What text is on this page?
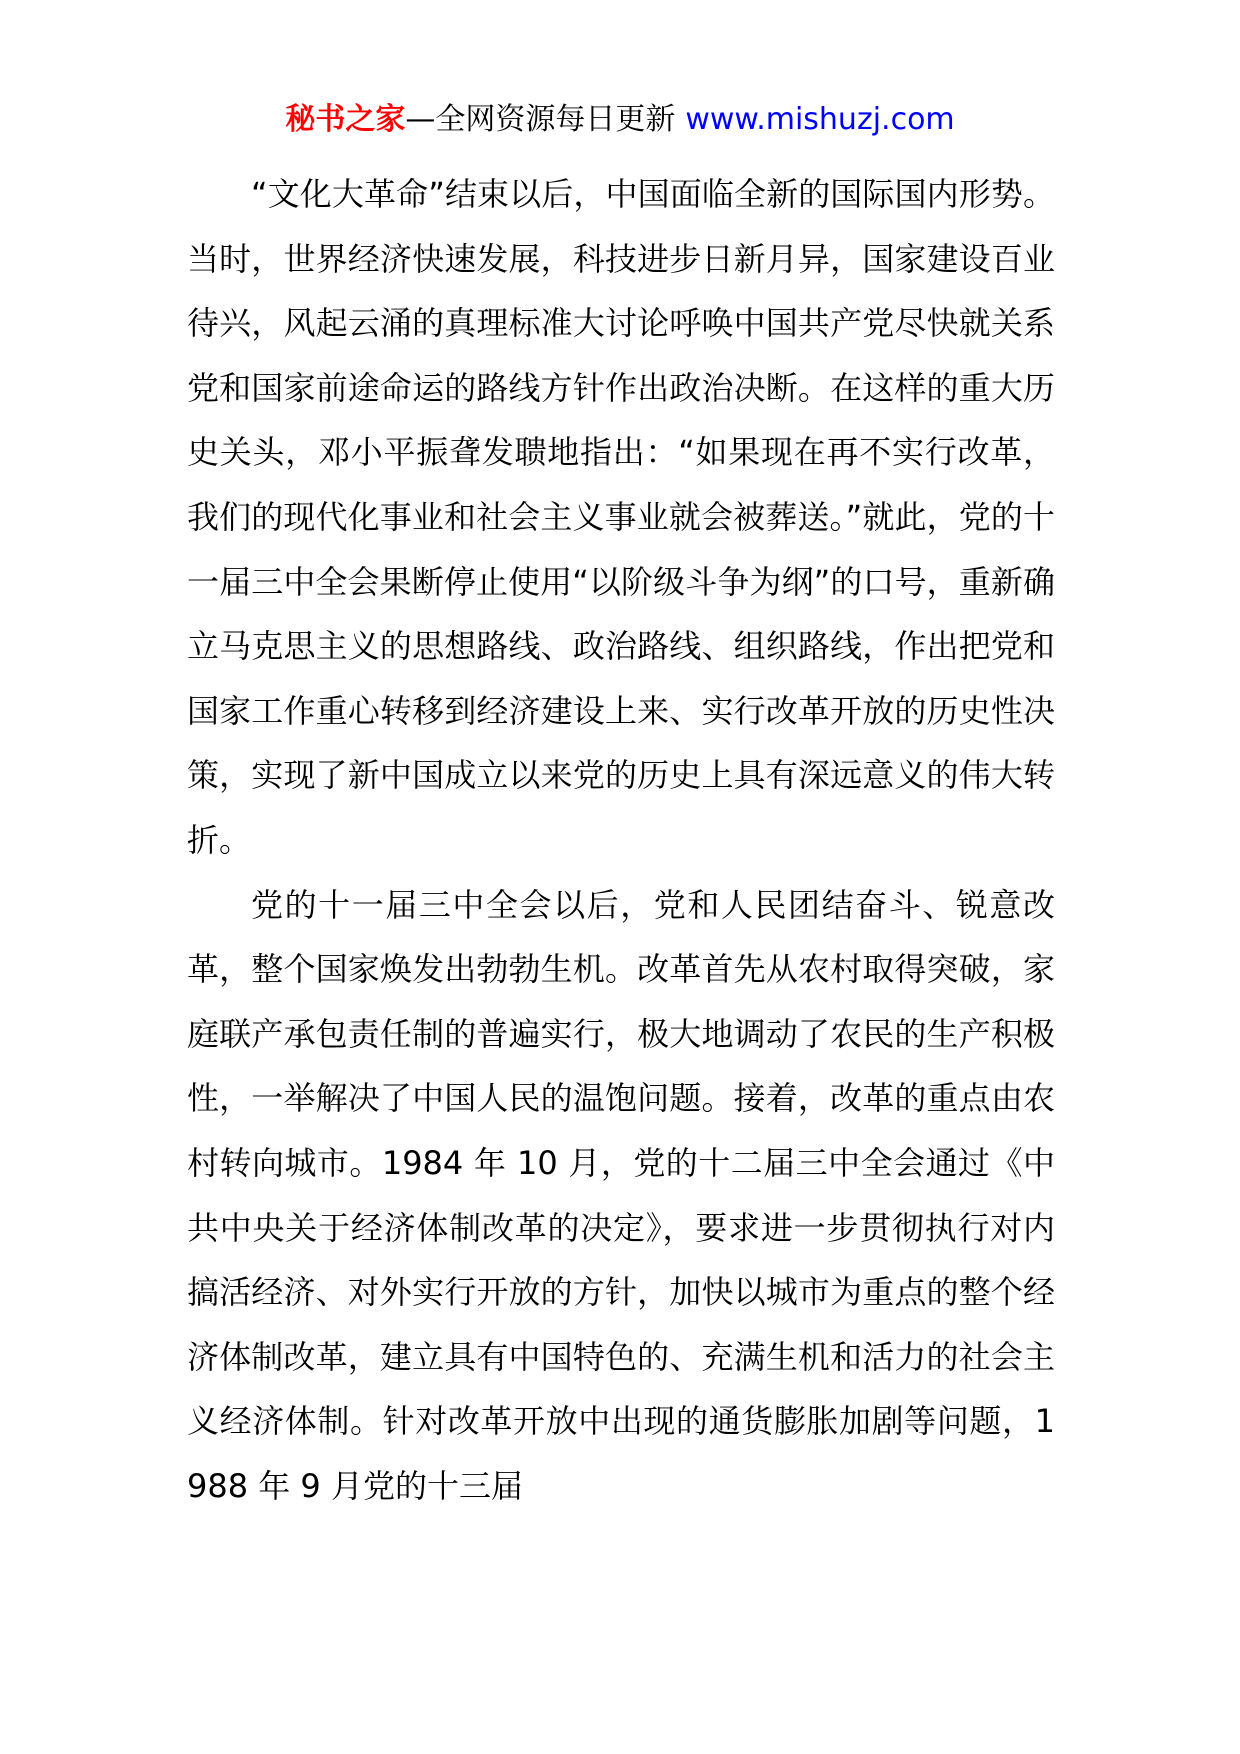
秘书之家—全网资源每日更新 www.mishuzj.com

“文化大革命”结束以后，中国面临全新的国际国内形势。当时，世界经济快速发展，科技进步日新月异，国家建设百业待兴，风起云涌的真理标准大讨论呼唤中国共产党尽快就关系党和国家前途命运的路线方针作出政治决断。在这样的重大历史关头，邓小平振聋发聩地指出：“如果现在再不实行改革，我们的现代化事业和社会主义事业就会被葬送。”就此，党的十一届三中全会果断停止使用“以阶级斗争为纲”的口号，重新确立马克思主义的思想路线、政治路线、组织路线，作出把党和国家工作重心转移到经济建设上来、实行改革开放的历史性决策，实现了新中国成立以来党的历史上具有深远意义的伟大转折。

党的十一届三中全会以后，党和人民团结奋斗、锐意改革，整个国家焕发出勃勃生机。改革首先从农村取得突破，家庭联产承包责任制的普遍实行，极大地调动了农民的生产积极性，一举解决了中国人民的温饱问题。接着，改革的重点由农村转向城市。1984 年 10 月，党的十二届三中全会通过《中共中央关于经济体制改革的决定》，要求进一步贯彻执行对内搞活经济、对外实行开放的方针，加快以城市为重点的整个经济体制改革，建立具有中国特色的、充满生机和活力的社会主义经济体制。针对改革开放中出现的通货膨胀加剧等问题，1988 年 9 月党的十三届
